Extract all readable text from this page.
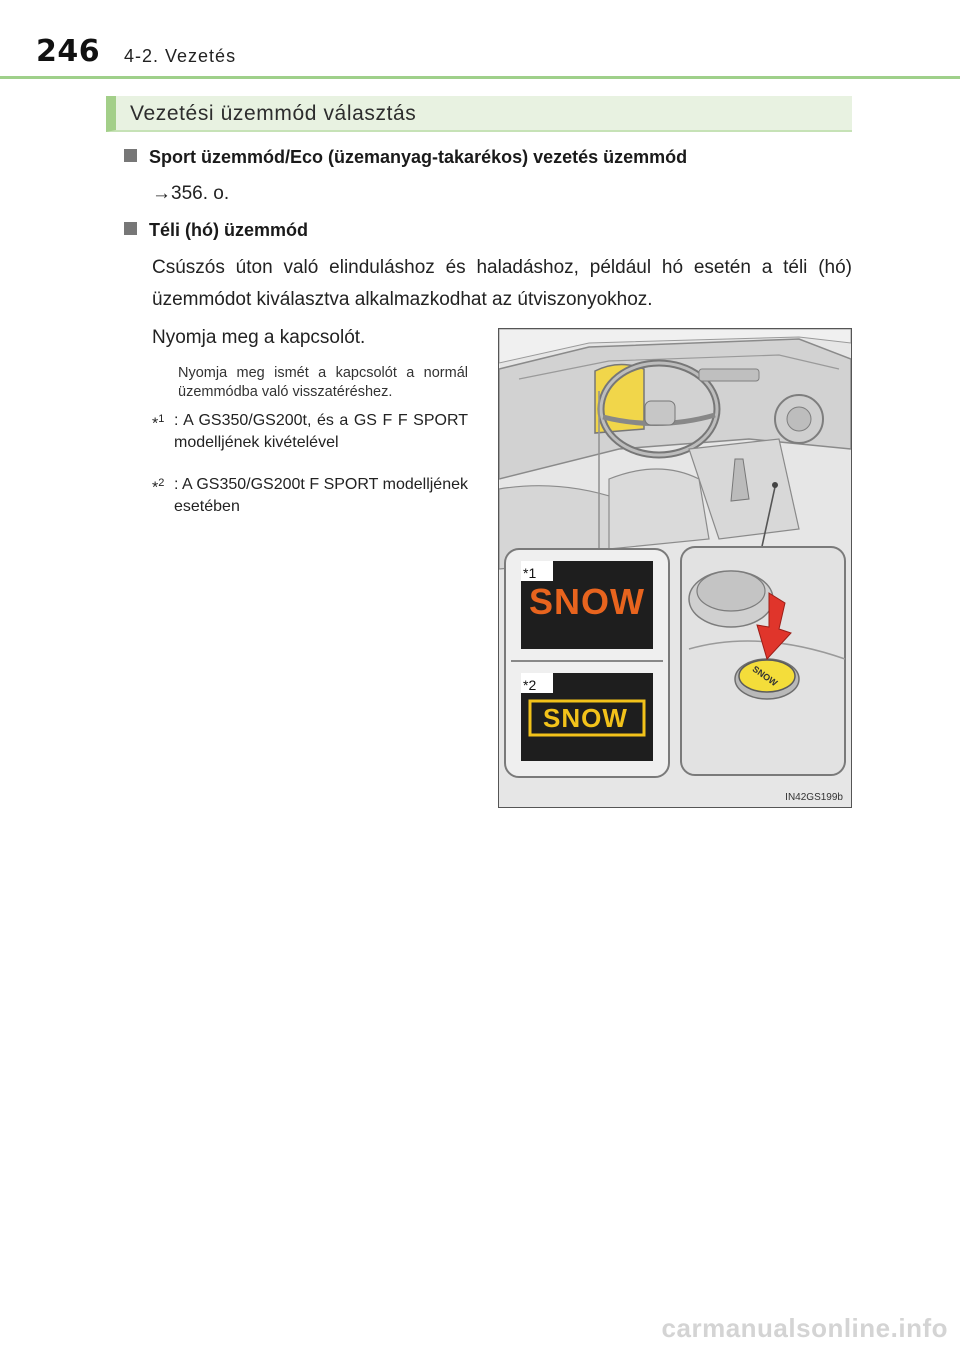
246 4-2. Vezetés
Vezetési üzemmód választás
Sport üzemmód/Eco (üzemanyag-takarékos) vezetés üzemmód
→356. o.
Téli (hó) üzemmód
Csúszós úton való elinduláshoz és haladáshoz, például hó esetén a téli (hó) üzemmódot kiválasztva alkalmazkodhat az útviszonyokhoz.
Nyomja meg a kapcsolót.
Nyomja meg ismét a kapcsolót a normál üzemmódba való visszatéréshez.
*$^1$ : A GS350/GS200t, és a GS F F SPORT modelljének kivételével
*$^2$ : A GS350/GS200t F SPORT modelljének esetében
*1
SNOW
*2
SNOW
SNOW
IN42GS199b
carmanualsonline.info
